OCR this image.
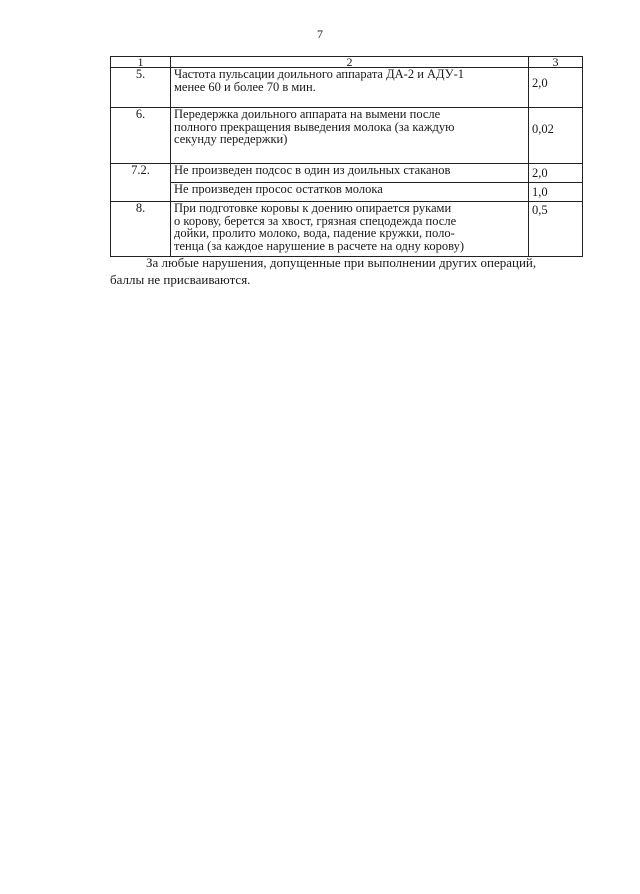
7
1	2	3
5.	Частота пульсации доильного аппарата ДА-2 и АДУ-1
менее 60 и более 70 в мин.	2,0
6.	Передержка доильного аппарата на вымени после
полного прекращения выведения молока (за каждую
секунду передержки)	0,02
7.2.	Не произведен подсос в один из доильных стаканов	2,0

	Не произведен просос остатков молока	1,0
8.	При подготовке коровы к доению опирается руками
о корову, берется за хвост, грязная спецодежда после
дойки, пролито молоко, вода, падение кружки, поло-
тенца (за каждое нарушение в расчете на одну корову)	0,5
За любые нарушения, допущенные при выполнении других операций,
баллы не присваиваются.
